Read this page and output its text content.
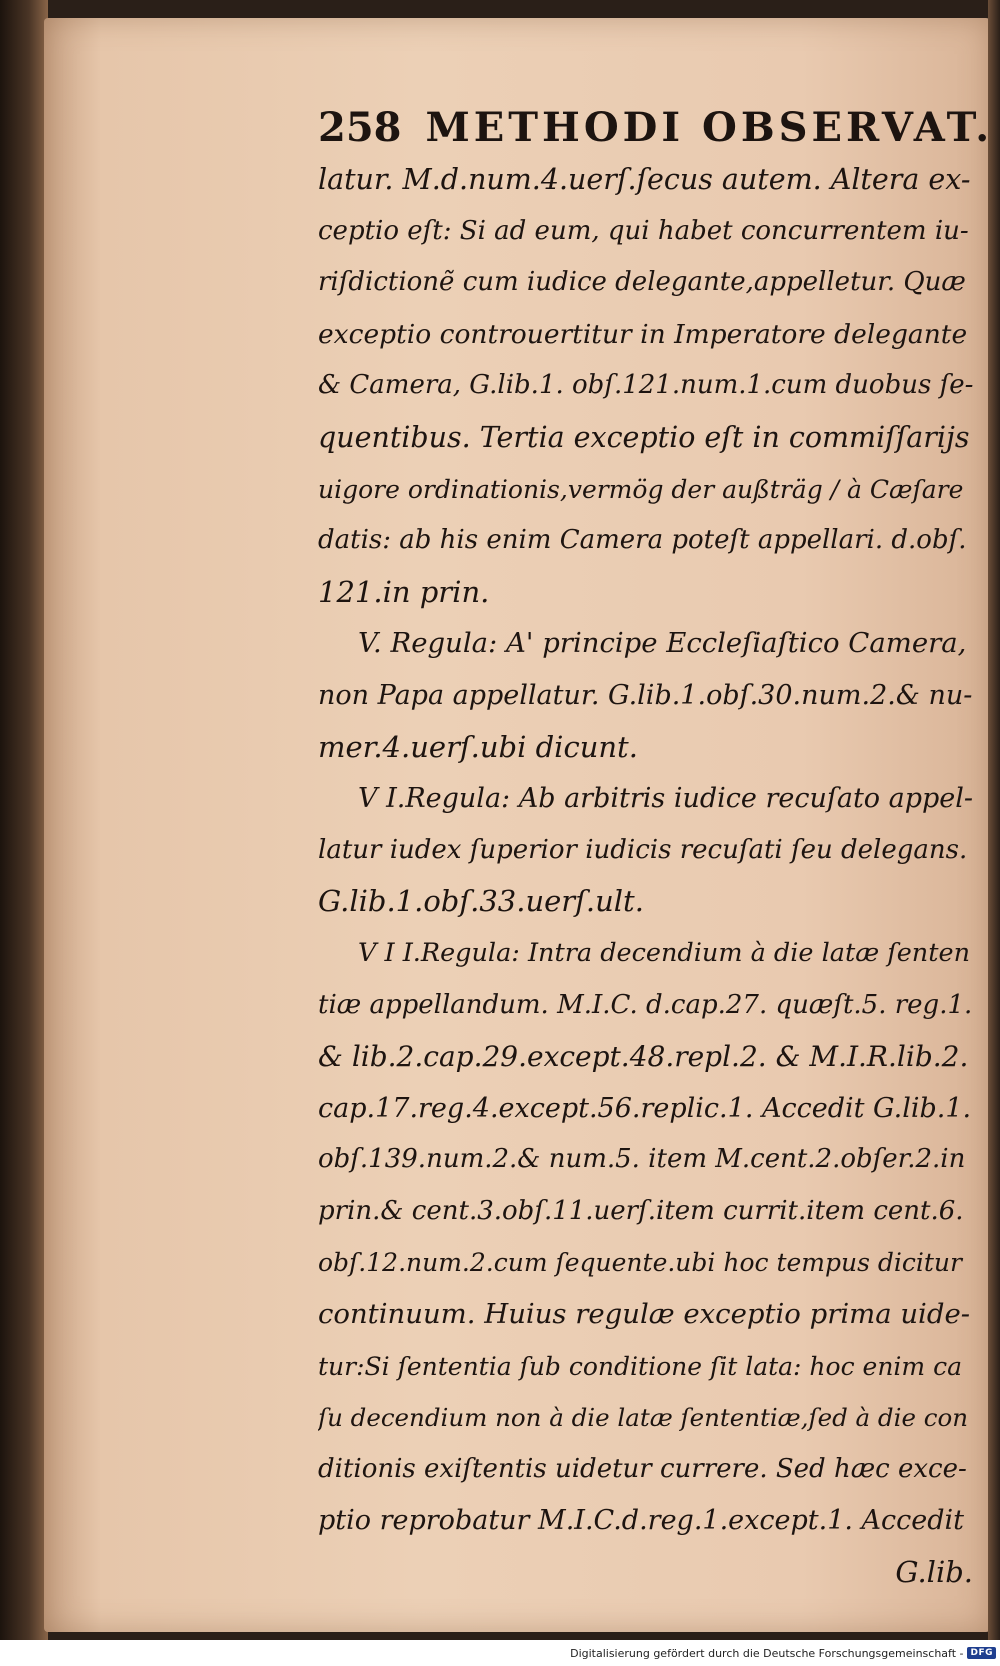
258 METHODI OBSERVAT.
latur. M.d.num.4.uerſ.ſecus autem. Altera ex-
ceptio eſt: Si ad eum, qui habet concurrentem iu-
riſdictionẽ cum iudice delegante,appelletur. Quæ
exceptio controuertitur in Imperatore delegante
& Camera, G.lib.1. obſ.121.num.1.cum duobus ſe-
quentibus. Tertia exceptio eſt in commiſſarijs
uigore ordinationis,vermög der außträg / à Cæſare
datis: ab his enim Camera poteſt appellari. d.obſ.
121.in prin.
V. Regula: A' principe Eccleſiaſtico Camera,
non Papa appellatur. G.lib.1.obſ.30.num.2.& nu-
mer.4.uerſ.ubi dicunt.
V I.Regula: Ab arbitris iudice recuſato appel-
latur iudex ſuperior iudicis recuſati ſeu delegans.
G.lib.1.obſ.33.uerſ.ult.
V I I.Regula: Intra decendium à die latæ ſenten
tiæ appellandum. M.I.C. d.cap.27. quæſt.5. reg.1.
& lib.2.cap.29.except.48.repl.2. & M.I.R.lib.2.
cap.17.reg.4.except.56.replic.1. Accedit G.lib.1.
obſ.139.num.2.& num.5. item M.cent.2.obſer.2.in
prin.& cent.3.obſ.11.uerſ.item currit.item cent.6.
obſ.12.num.2.cum ſequente.ubi hoc tempus dicitur
continuum. Huius regulæ exceptio prima uide-
tur:Si ſententia ſub conditione ſit lata: hoc enim ca
ſu decendium non à die latæ ſententiæ,ſed à die con
ditionis exiſtentis uidetur currere. Sed hæc exce-
ptio reprobatur M.I.C.d.reg.1.except.1. Accedit
G.lib.
Digitalisierung gefördert durch die Deutsche Forschungsgemeinschaft - DFG
